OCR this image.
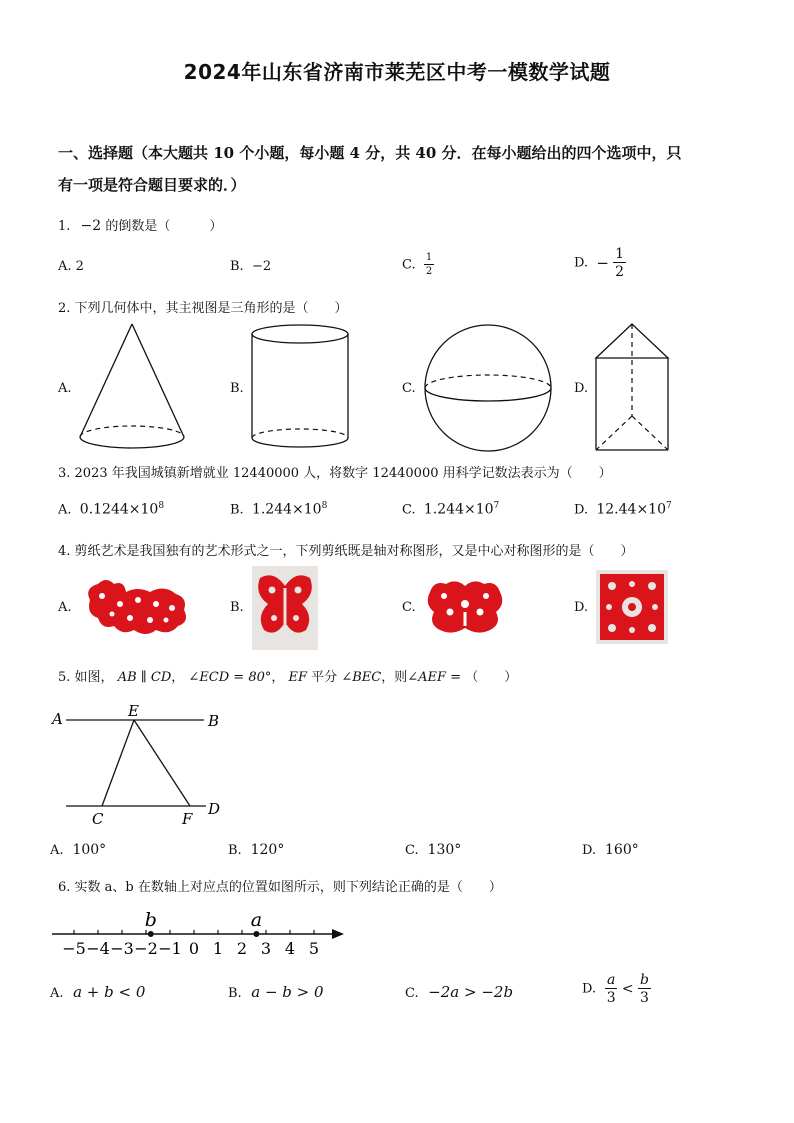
2024年山东省济南市莱芜区中考一模数学试题
一、选择题（本大题共 10 个小题，每小题 4 分，共 40 分．在每小题给出的四个选项中，只
有一项是符合题目要求的．）
1. −2 的倒数是（　　　）
A. 2	B. −2	C. $\frac{1}{2}$	D. − $\frac{1}{2}$
2. 下列几何体中，其主视图是三角形的是（　　）
A.	B.	C.	D.
3. 2023 年我国城镇新增就业 12440000 人，将数字 12440000 用科学记数法表示为（　　）
A. $0.1244\times 10^8$	B. $1.244\times 10^8$	C. $1.244\times 10^7$	D. $12.44\times 10^7$
4. 剪纸艺术是我国独有的艺术形式之一，下列剪纸既是轴对称图形，又是中心对称图形的是（　　）
A.	B.	C.	D.
5. 如图， AB ∥ CD， ∠ECD = 80°， EF 平分 ∠BEC，则∠AEF = （　　）
A	E
B
C	F
D
A. 100°	B. 120°	C. 130°	D. 160°
6. 实数 a、b 在数轴上对应点的位置如图所示，则下列结论正确的是（　　）
−5 −4 −3 −2 −1 0 1 2 3 4 5
b	a
A. a + b < 0	B. a − b > 0	C. −2a > −2b	D. $\frac{a}{3} < \frac{b}{3}$
